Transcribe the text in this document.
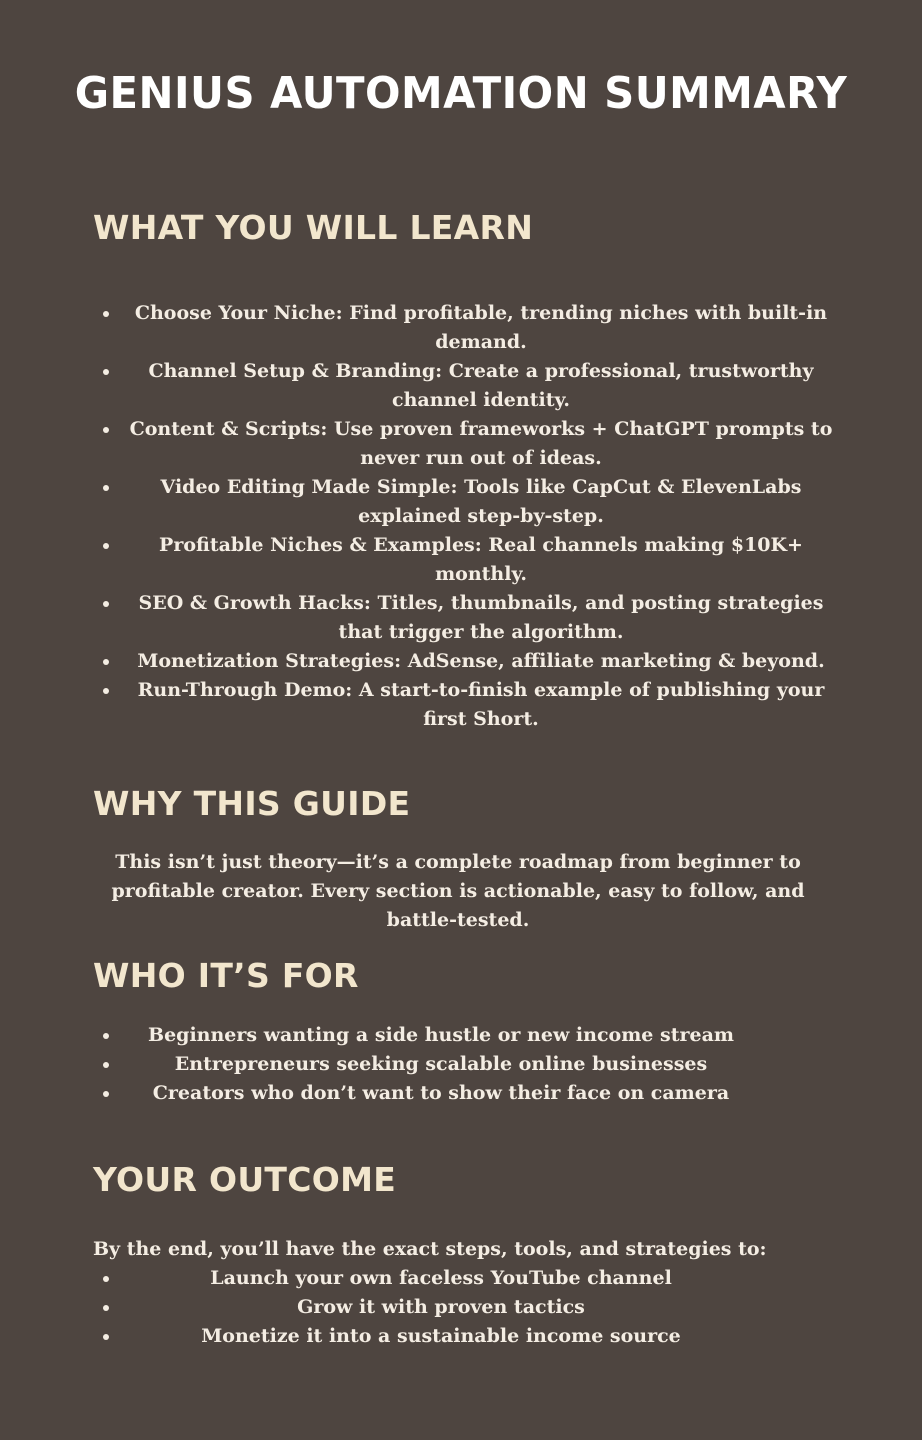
GENIUS AUTOMATION SUMMARY
WHAT YOU WILL LEARN
Choose Your Niche: Find profitable, trending niches with built-in demand.
Channel Setup & Branding: Create a professional, trustworthy channel identity.
Content & Scripts: Use proven frameworks + ChatGPT prompts to never run out of ideas.
Video Editing Made Simple: Tools like CapCut & ElevenLabs explained step-by-step.
Profitable Niches & Examples: Real channels making $10K+ monthly.
SEO & Growth Hacks: Titles, thumbnails, and posting strategies that trigger the algorithm.
Monetization Strategies: AdSense, affiliate marketing & beyond.
Run-Through Demo: A start-to-finish example of publishing your first Short.
WHY THIS GUIDE

This isn’t just theory—it’s a complete roadmap from beginner to profitable creator. Every section is actionable, easy to follow, and battle-tested.

WHO IT’S FOR
Beginners wanting a side hustle or new income stream
Entrepreneurs seeking scalable online businesses
Creators who don’t want to show their face on camera
YOUR OUTCOME

By the end, you’ll have the exact steps, tools, and strategies to:

Launch your own faceless YouTube channel
Grow it with proven tactics
Monetize it into a sustainable income source
